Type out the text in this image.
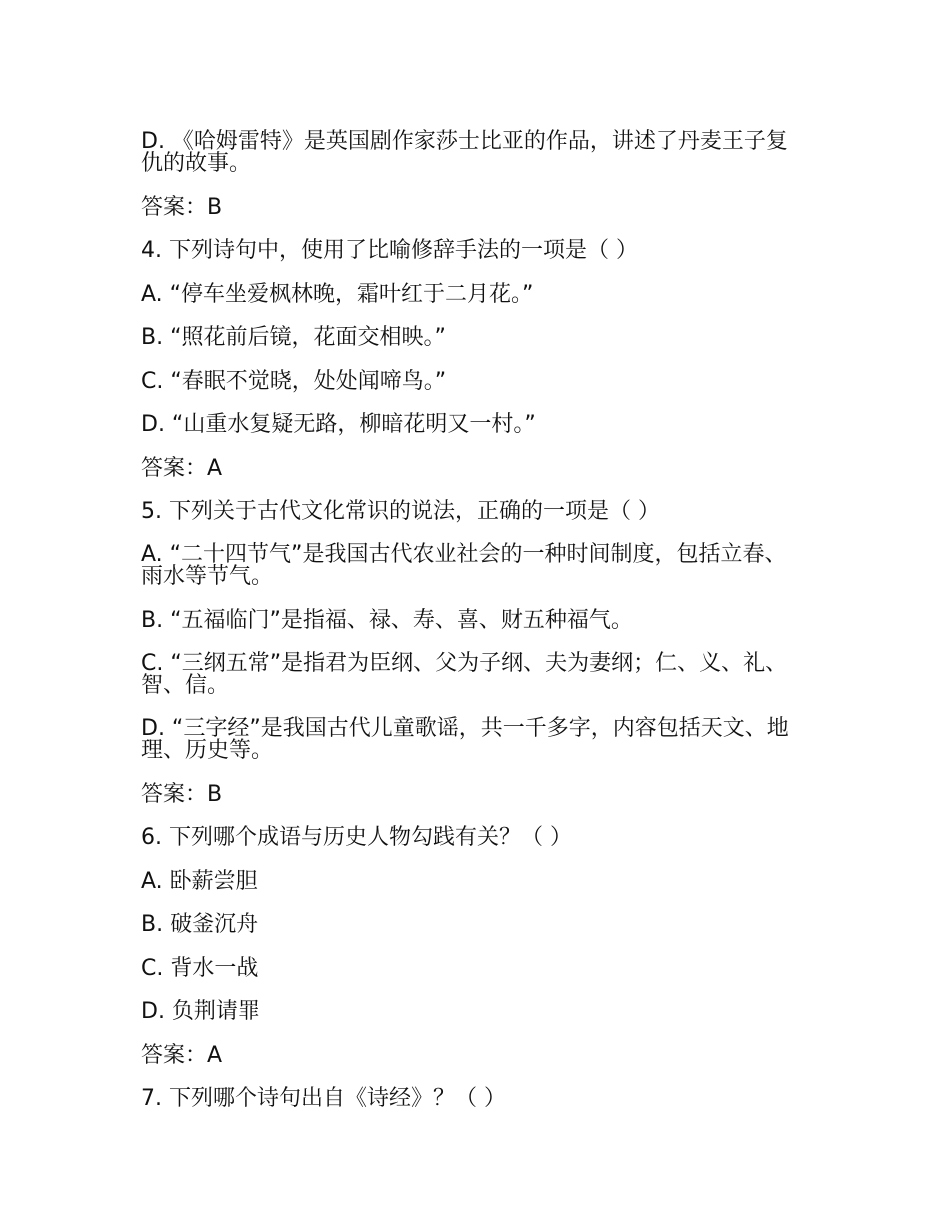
D. 《哈姆雷特》是英国剧作家莎士比亚的作品，讲述了丹麦王子复仇的故事。
答案：B
4. 下列诗句中，使用了比喻修辞手法的一项是（ ）
A. “停车坐爱枫林晚，霜叶红于二月花。”
B. “照花前后镜，花面交相映。”
C. “春眠不觉晓，处处闻啼鸟。”
D. “山重水复疑无路，柳暗花明又一村。”
答案：A
5. 下列关于古代文化常识的说法，正确的一项是（ ）
A. “二十四节气”是我国古代农业社会的一种时间制度，包括立春、雨水等节气。
B. “五福临门”是指福、禄、寿、喜、财五种福气。
C. “三纲五常”是指君为臣纲、父为子纲、夫为妻纲；仁、义、礼、智、信。
D. “三字经”是我国古代儿童歌谣，共一千多字，内容包括天文、地理、历史等。
答案：B
6. 下列哪个成语与历史人物勾践有关？（ ）
A. 卧薪尝胆
B. 破釜沉舟
C. 背水一战
D. 负荆请罪
答案：A
7. 下列哪个诗句出自《诗经》？（ ）
